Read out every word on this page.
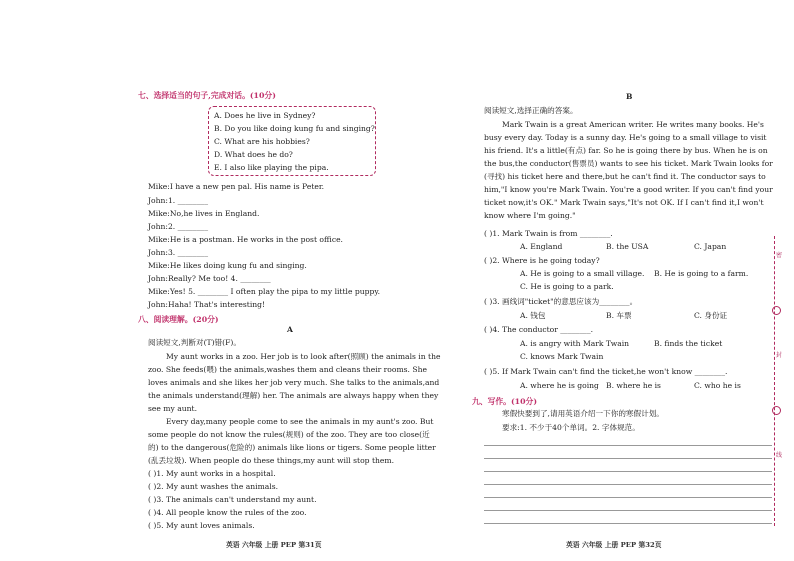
七、选择适当的句子,完成对话。(10分)
A. Does he live in Sydney?
B. Do you like doing kung fu and singing?
C. What are his hobbies?
D. What does he do?
E. I also like playing the pipa.
Mike:I have a new pen pal. His name is Peter.
John:1. ________
Mike:No,he lives in England.
John:2. ________
Mike:He is a postman. He works in the post office.
John:3. ________
Mike:He likes doing kung fu and singing.
John:Really? Me too! 4. ________
Mike:Yes! 5. ________ I often play the pipa to my little puppy.
John:Haha! That's interesting!
八、阅读理解。(20分)
A
阅读短文,判断对(T)错(F)。
My aunt works in a zoo. Her job is to look after(照顾) the animals in the
zoo. She feeds(喂) the animals,washes them and cleans their rooms. She
loves animals and she likes her job very much. She talks to the animals,and
the animals understand(理解) her. The animals are always happy when they
see my aunt.
Every day,many people come to see the animals in my aunt's zoo. But
some people do not know the rules(规则) of the zoo. They are too close(近
的) to the dangerous(危险的) animals like lions or tigers. Some people litter
(乱丢垃圾). When people do these things,my aunt will stop them.
( )1. My aunt works in a hospital.
( )2. My aunt washes the animals.
( )3. The animals can't understand my aunt.
( )4. All people know the rules of the zoo.
( )5. My aunt loves animals.
英语 六年级 上册 PEP 第31页
B
阅读短文,选择正确的答案。
Mark Twain is a great American writer. He writes many books. He's
busy every day. Today is a sunny day. He's going to a small village to visit
his friend. It's a little(有点) far. So he is going there by bus. When he is on
the bus,the conductor(售票员) wants to see his ticket. Mark Twain looks for
(寻找) his ticket here and there,but he can't find it. The conductor says to
him,"I know you're Mark Twain. You're a good writer. If you can't find your
ticket now,it's OK." Mark Twain says,"It's not OK. If I can't find it,I won't
know where I'm going."
( )1. Mark Twain is from ________.
A. England	B. the USA	C. Japan
( )2. Where is he going today?
A. He is going to a small village. B. He is going to a farm.
C. He is going to a park.
( )3. 画线词"ticket"的意思应该为________。
A. 钱包	B. 车票	C. 身份证
( )4. The conductor ________.
A. is angry with Mark Twain	B. finds the ticket
C. knows Mark Twain
( )5. If Mark Twain can't find the ticket,he won't know ________.
A. where he is going B. where he is	C. who he is
九、写作。(10分)
寒假快要到了,请用英语介绍一下你的寒假计划。
要求:1. 不少于40个单词。2. 字体规范。
英语 六年级 上册 PEP 第32页
密
封
线
